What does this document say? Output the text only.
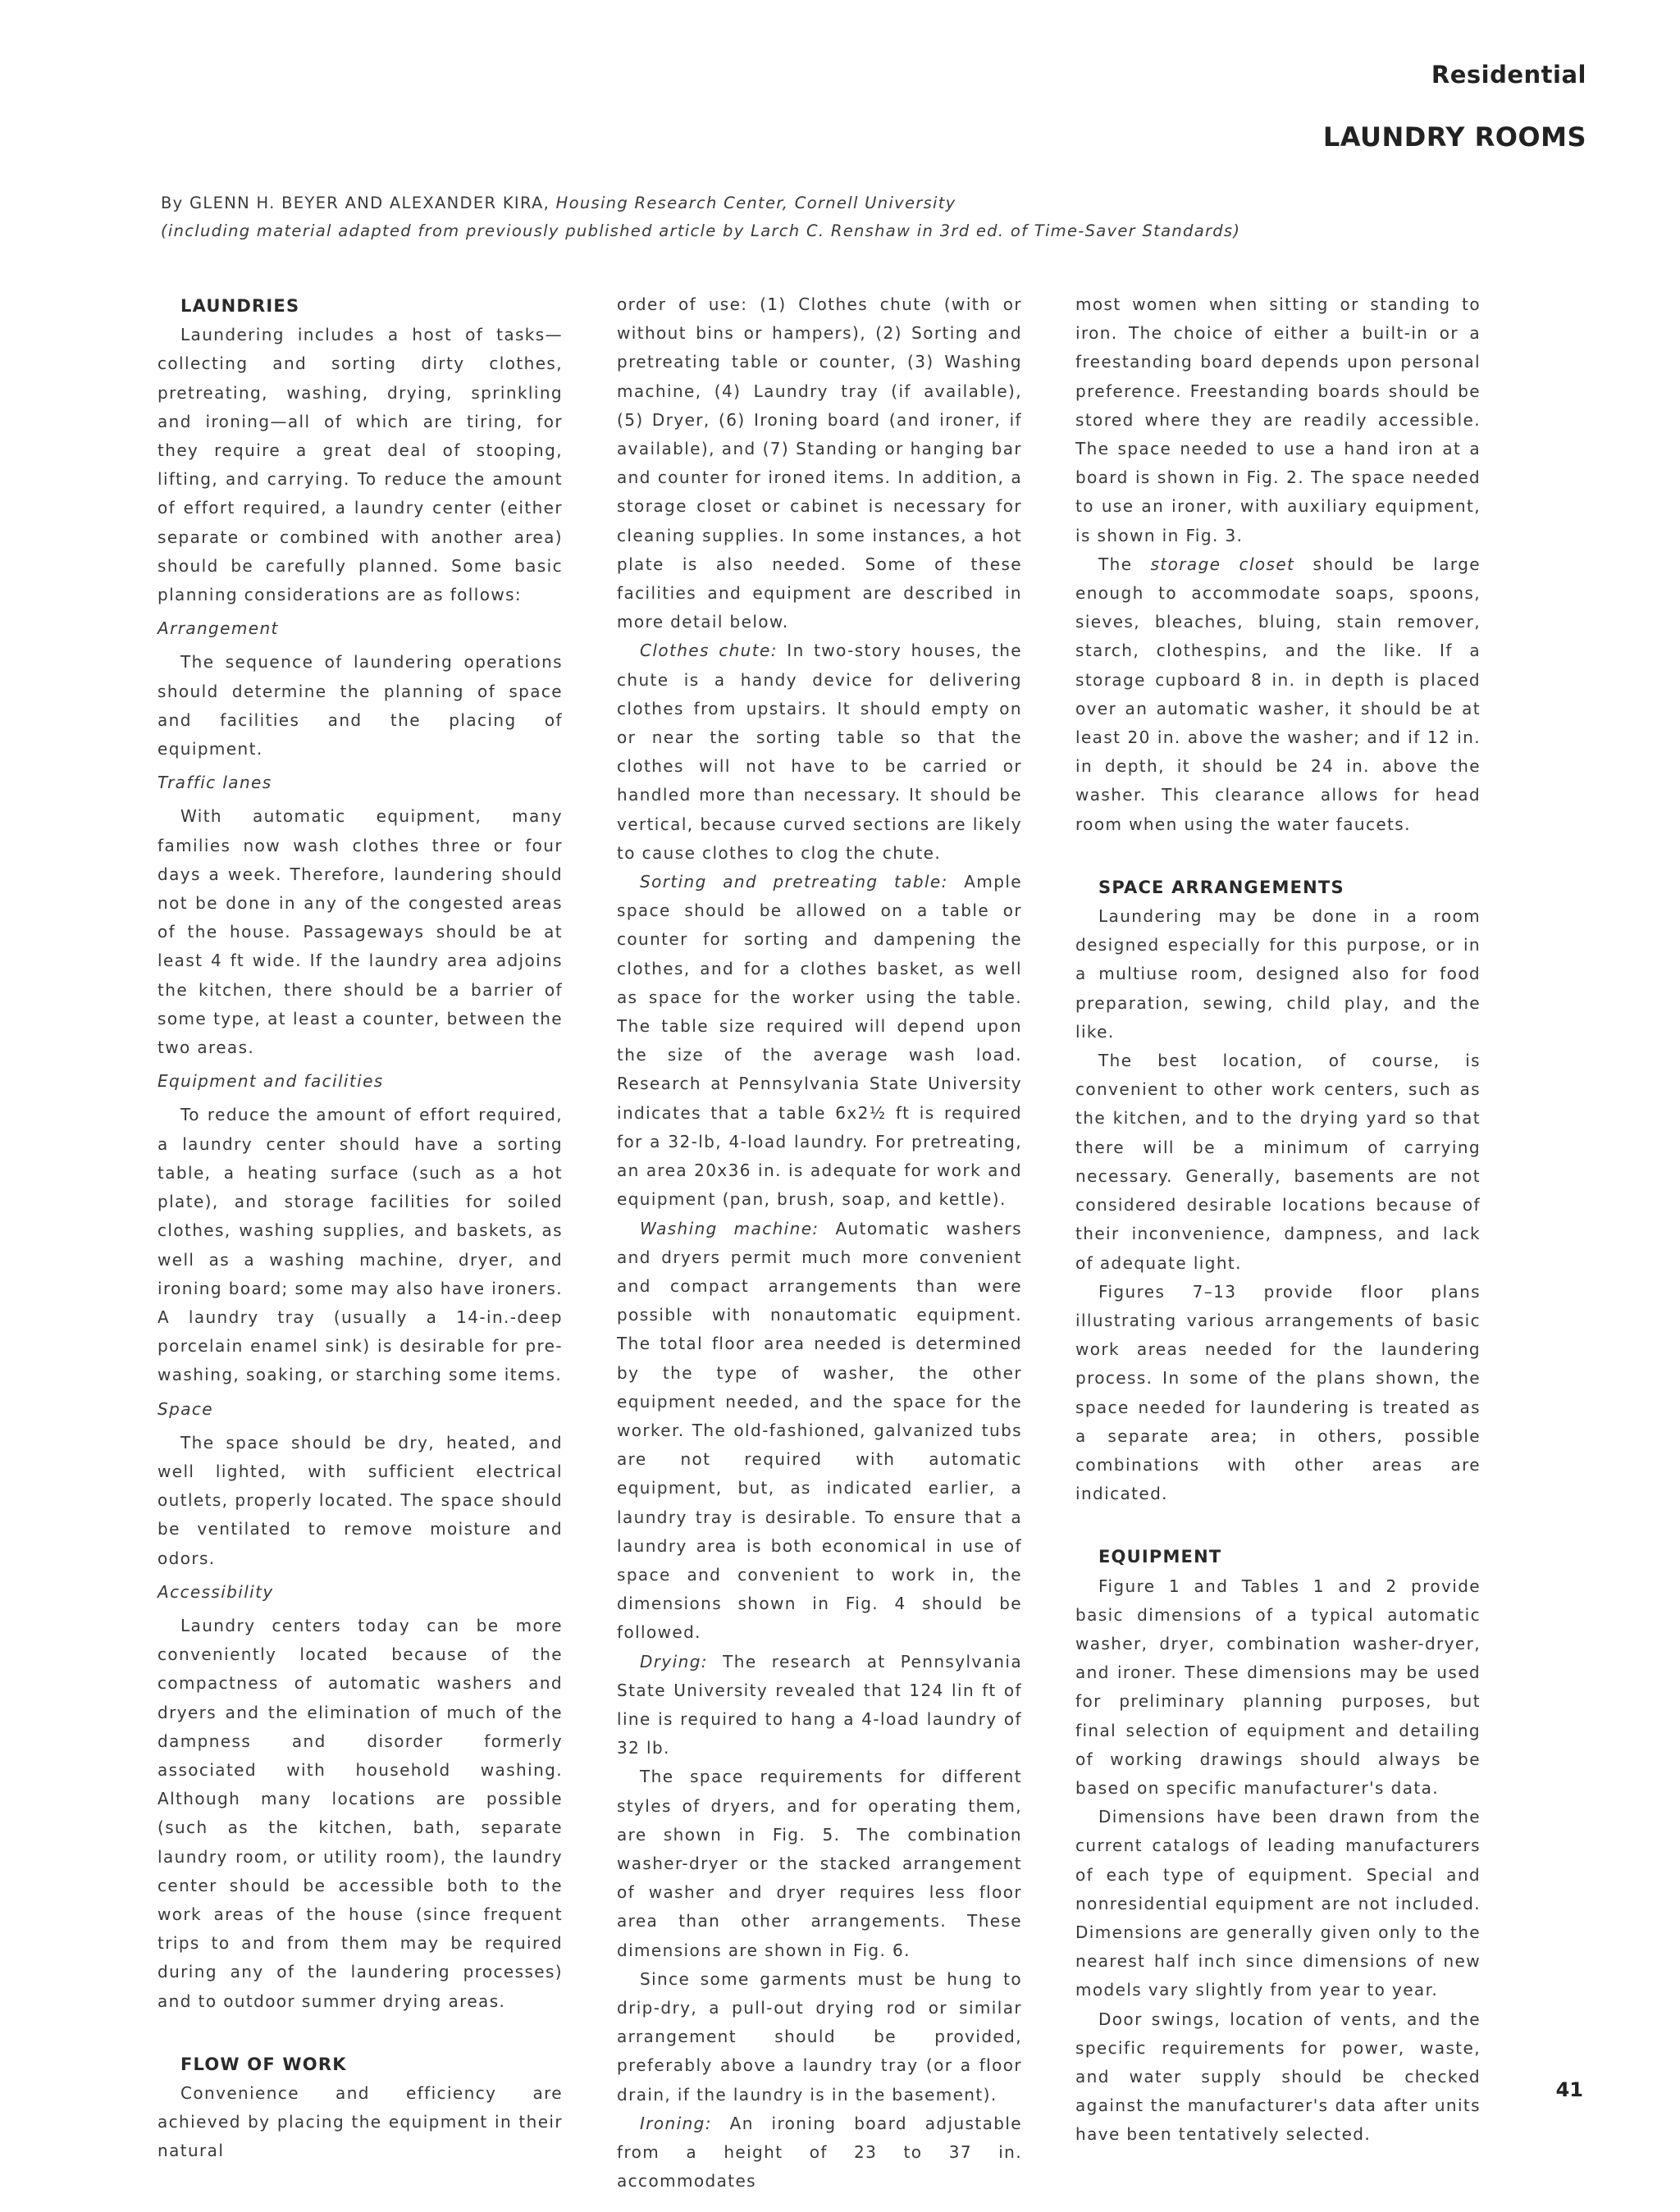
Residential
LAUNDRY ROOMS
By GLENN H. BEYER AND ALEXANDER KIRA, Housing Research Center, Cornell University
(including material adapted from previously published article by Larch C. Renshaw in 3rd ed. of Time-Saver Standards)

LAUNDRIES

Laundering includes a host of tasks—collecting and sorting dirty clothes, pretreating, washing, drying, sprinkling and ironing—all of which are tiring, for they require a great deal of stooping, lifting, and carrying. To reduce the amount of effort required, a laundry center (either separate or combined with another area) should be carefully planned. Some basic planning considerations are as follows:

Arrangement

The sequence of laundering operations should determine the planning of space and facilities and the placing of equipment.

Traffic lanes

With automatic equipment, many families now wash clothes three or four days a week. Therefore, laundering should not be done in any of the congested areas of the house. Passageways should be at least 4 ft wide. If the laundry area adjoins the kitchen, there should be a barrier of some type, at least a counter, between the two areas.

Equipment and facilities

To reduce the amount of effort required, a laundry center should have a sorting table, a heating surface (such as a hot plate), and storage facilities for soiled clothes, washing supplies, and baskets, as well as a washing machine, dryer, and ironing board; some may also have ironers. A laundry tray (usually a 14-in.-deep porcelain enamel sink) is desirable for pre-washing, soaking, or starching some items.

Space

The space should be dry, heated, and well lighted, with sufficient electrical outlets, properly located. The space should be ventilated to remove moisture and odors.

Accessibility

Laundry centers today can be more conveniently located because of the compactness of automatic washers and dryers and the elimination of much of the dampness and disorder formerly associated with household washing. Although many locations are possible (such as the kitchen, bath, separate laundry room, or utility room), the laundry center should be accessible both to the work areas of the house (since frequent trips to and from them may be required during any of the laundering processes) and to outdoor summer drying areas.

FLOW OF WORK

Convenience and efficiency are achieved by placing the equipment in their natural

order of use: (1) Clothes chute (with or without bins or hampers), (2) Sorting and pretreating table or counter, (3) Washing machine, (4) Laundry tray (if available), (5) Dryer, (6) Ironing board (and ironer, if available), and (7) Standing or hanging bar and counter for ironed items. In addition, a storage closet or cabinet is necessary for cleaning supplies. In some instances, a hot plate is also needed. Some of these facilities and equipment are described in more detail below.

Clothes chute: In two-story houses, the chute is a handy device for delivering clothes from upstairs. It should empty on or near the sorting table so that the clothes will not have to be carried or handled more than necessary. It should be vertical, because curved sections are likely to cause clothes to clog the chute.

Sorting and pretreating table: Ample space should be allowed on a table or counter for sorting and dampening the clothes, and for a clothes basket, as well as space for the worker using the table. The table size required will depend upon the size of the average wash load. Research at Pennsylvania State University indicates that a table 6x2½ ft is required for a 32-lb, 4-load laundry. For pretreating, an area 20x36 in. is adequate for work and equipment (pan, brush, soap, and kettle).

Washing machine: Automatic washers and dryers permit much more convenient and compact arrangements than were possible with nonautomatic equipment. The total floor area needed is determined by the type of washer, the other equipment needed, and the space for the worker. The old-fashioned, galvanized tubs are not required with automatic equipment, but, as indicated earlier, a laundry tray is desirable. To ensure that a laundry area is both economical in use of space and convenient to work in, the dimensions shown in Fig. 4 should be followed.

Drying: The research at Pennsylvania State University revealed that 124 lin ft of line is required to hang a 4-load laundry of 32 lb.

The space requirements for different styles of dryers, and for operating them, are shown in Fig. 5. The combination washer-dryer or the stacked arrangement of washer and dryer requires less floor area than other arrangements. These dimensions are shown in Fig. 6.

Since some garments must be hung to drip-dry, a pull-out drying rod or similar arrangement should be provided, preferably above a laundry tray (or a floor drain, if the laundry is in the basement).

Ironing: An ironing board adjustable from a height of 23 to 37 in. accommodates

most women when sitting or standing to iron. The choice of either a built-in or a freestanding board depends upon personal preference. Freestanding boards should be stored where they are readily accessible. The space needed to use a hand iron at a board is shown in Fig. 2. The space needed to use an ironer, with auxiliary equipment, is shown in Fig. 3.

The storage closet should be large enough to accommodate soaps, spoons, sieves, bleaches, bluing, stain remover, starch, clothespins, and the like. If a storage cupboard 8 in. in depth is placed over an automatic washer, it should be at least 20 in. above the washer; and if 12 in. in depth, it should be 24 in. above the washer. This clearance allows for head room when using the water faucets.

SPACE ARRANGEMENTS

Laundering may be done in a room designed especially for this purpose, or in a multiuse room, designed also for food preparation, sewing, child play, and the like.

The best location, of course, is convenient to other work centers, such as the kitchen, and to the drying yard so that there will be a minimum of carrying necessary. Generally, basements are not considered desirable locations because of their inconvenience, dampness, and lack of adequate light.

Figures 7–13 provide floor plans illustrating various arrangements of basic work areas needed for the laundering process. In some of the plans shown, the space needed for laundering is treated as a separate area; in others, possible combinations with other areas are indicated.

EQUIPMENT

Figure 1 and Tables 1 and 2 provide basic dimensions of a typical automatic washer, dryer, combination washer-dryer, and ironer. These dimensions may be used for preliminary planning purposes, but final selection of equipment and detailing of working drawings should always be based on specific manufacturer's data.

Dimensions have been drawn from the current catalogs of leading manufacturers of each type of equipment. Special and nonresidential equipment are not included. Dimensions are generally given only to the nearest half inch since dimensions of new models vary slightly from year to year.

Door swings, location of vents, and the specific requirements for power, waste, and water supply should be checked against the manufacturer's data after units have been tentatively selected.

41
